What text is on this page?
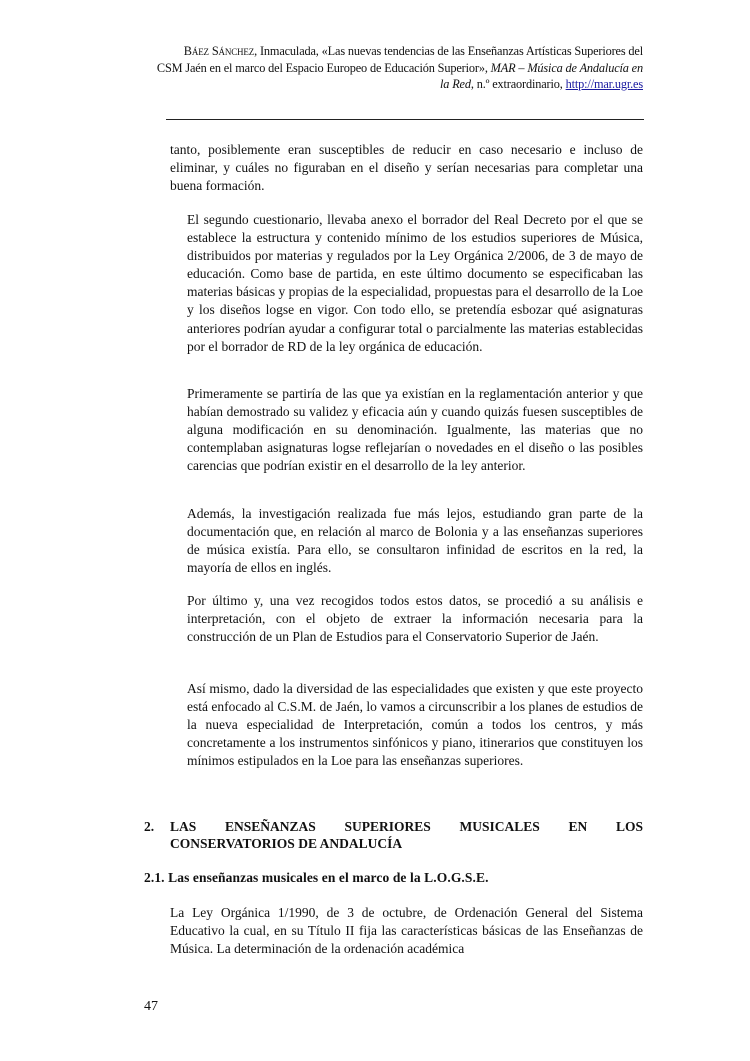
Báez Sánchez, Inmaculada, «Las nuevas tendencias de las Enseñanzas Artísticas Superiores del
CSM Jaén en el marco del Espacio Europeo de Educación Superior», MAR – Música de Andalucía en
la Red, n.º extraordinario, http://mar.ugr.es
tanto, posiblemente eran susceptibles de reducir en caso necesario e incluso de eliminar, y cuáles no figuraban en el diseño y serían necesarias para completar una buena formación.
El segundo cuestionario, llevaba anexo el borrador del Real Decreto por el que se establece la estructura y contenido mínimo de los estudios superiores de Música, distribuidos por materias y regulados por la Ley Orgánica 2/2006, de 3 de mayo de educación. Como base de partida, en este último documento se especificaban las materias básicas y propias de la especialidad, propuestas para el desarrollo de la Loe y los diseños logse en vigor. Con todo ello, se pretendía esbozar qué asignaturas anteriores podrían ayudar a configurar total o parcialmente las materias establecidas por el borrador de RD de la ley orgánica de educación.
Primeramente se partiría de las que ya existían en la reglamentación anterior y que habían demostrado su validez y eficacia aún y cuando quizás fuesen susceptibles de alguna modificación en su denominación. Igualmente, las materias que no contemplaban asignaturas logse reflejarían o novedades en el diseño o las posibles carencias que podrían existir en el desarrollo de la ley anterior.
Además, la investigación realizada fue más lejos, estudiando gran parte de la documentación que, en relación al marco de Bolonia y a las enseñanzas superiores de música existía. Para ello, se consultaron infinidad de escritos en la red, la mayoría de ellos en inglés.
Por último y, una vez recogidos todos estos datos, se procedió a su análisis e interpretación, con el objeto de extraer la información necesaria para la construcción de un Plan de Estudios para el Conservatorio Superior de Jaén.
Así mismo, dado la diversidad de las especialidades que existen y que este proyecto está enfocado al C.S.M. de Jaén, lo vamos a circunscribir a los planes de estudios de la nueva especialidad de Interpretación, común a todos los centros, y más concretamente a los instrumentos sinfónicos y piano, itinerarios que constituyen los mínimos estipulados en la Loe para las enseñanzas superiores.
2. LAS ENSEÑANZAS SUPERIORES MUSICALES EN LOS
CONSERVATORIOS DE ANDALUCÍA
2.1. Las enseñanzas musicales en el marco de la L.O.G.S.E.
La Ley Orgánica 1/1990, de 3 de octubre, de Ordenación General del Sistema Educativo la cual, en su Título II fija las características básicas de las Enseñanzas de Música. La determinación de la ordenación académica
47
